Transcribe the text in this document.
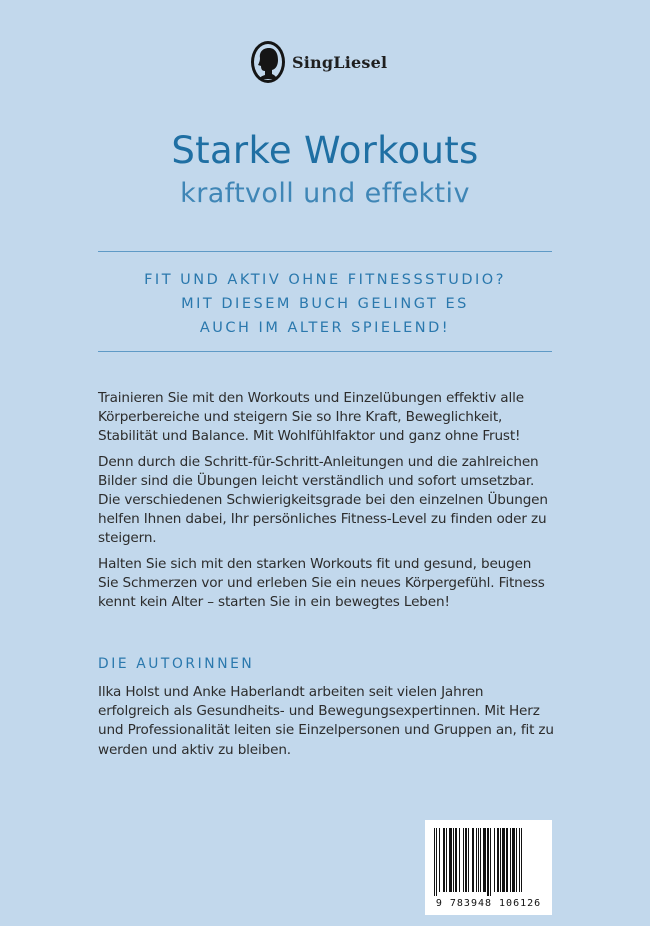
SingLiesel
Starke Workouts
kraftvoll und effektiv
FIT UND AKTIV OHNE FITNESSSTUDIO?
MIT DIESEM BUCH GELINGT ES
AUCH IM ALTER SPIELEND!

Trainieren Sie mit den Workouts und Einzelübungen effektiv alle Körperbereiche und steigern Sie so Ihre Kraft, Beweglichkeit, Stabilität und Balance. Mit Wohlfühlfaktor und ganz ohne Frust!

Denn durch die Schritt-für-Schritt-Anleitungen und die zahlreichen Bilder sind die Übungen leicht verständlich und sofort umsetzbar. Die verschiedenen Schwierigkeitsgrade bei den einzelnen Übungen helfen Ihnen dabei, Ihr persönliches Fitness-Level zu finden oder zu steigern.

Halten Sie sich mit den starken Workouts fit und gesund, beugen Sie Schmerzen vor und erleben Sie ein neues Körpergefühl. Fitness kennt kein Alter – starten Sie in ein bewegtes Leben!

DIE AUTORINNEN

Ilka Holst und Anke Haberlandt arbeiten seit vielen Jahren erfolgreich als Gesundheits- und Bewegungsexpertinnen. Mit Herz und Professionalität leiten sie Einzelpersonen und Gruppen an, fit zu werden und aktiv zu bleiben.

9 783948 106126
